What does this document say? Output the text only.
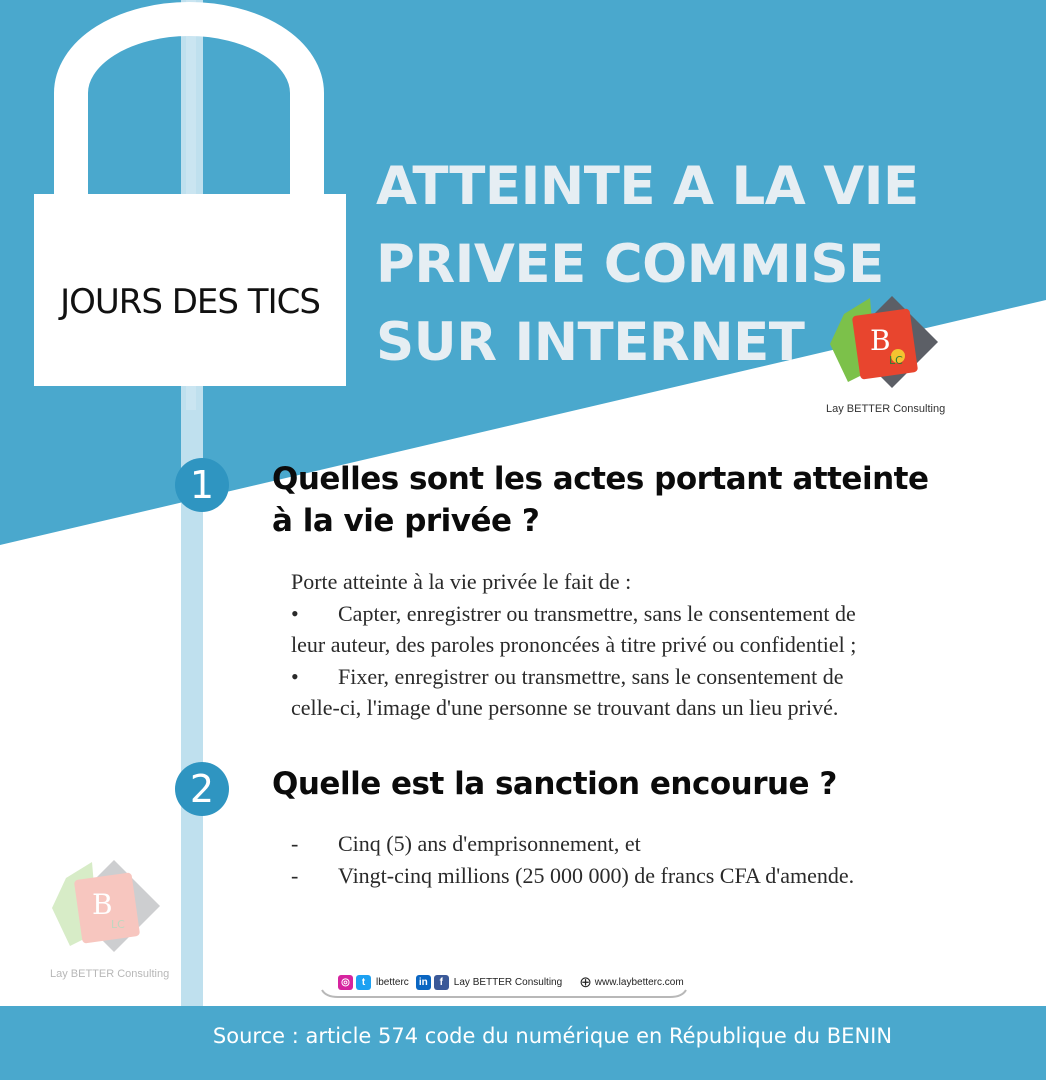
JOURS DES TICS
ATTEINTE A LA VIE
PRIVEE COMMISE
SUR INTERNET	B
LC
Lay BETTER Consulting
B
LC
Lay BETTER Consulting
1	Quelles sont les actes portant atteinte
à la vie privée ?

Porte atteinte à la vie privée le fait de :

• Capter, enregistrer ou transmettre, sans le consentement de

leur auteur, des paroles prononcées à titre privé ou confidentiel ;

• Fixer, enregistrer ou transmettre, sans le consentement de

celle-ci, l'image d'une personne se trouvant dans un lieu privé.

2	Quelle est la sanction encourue ?

- Cinq (5) ans d'emprisonnement, et

- Vingt-cinq millions (25 000 000) de francs CFA d'amende.

◎	t	lbetterc	in	f	Lay BETTER Consulting ⊕ www.laybetterc.com

Source : article 574 code du numérique en République du BENIN
